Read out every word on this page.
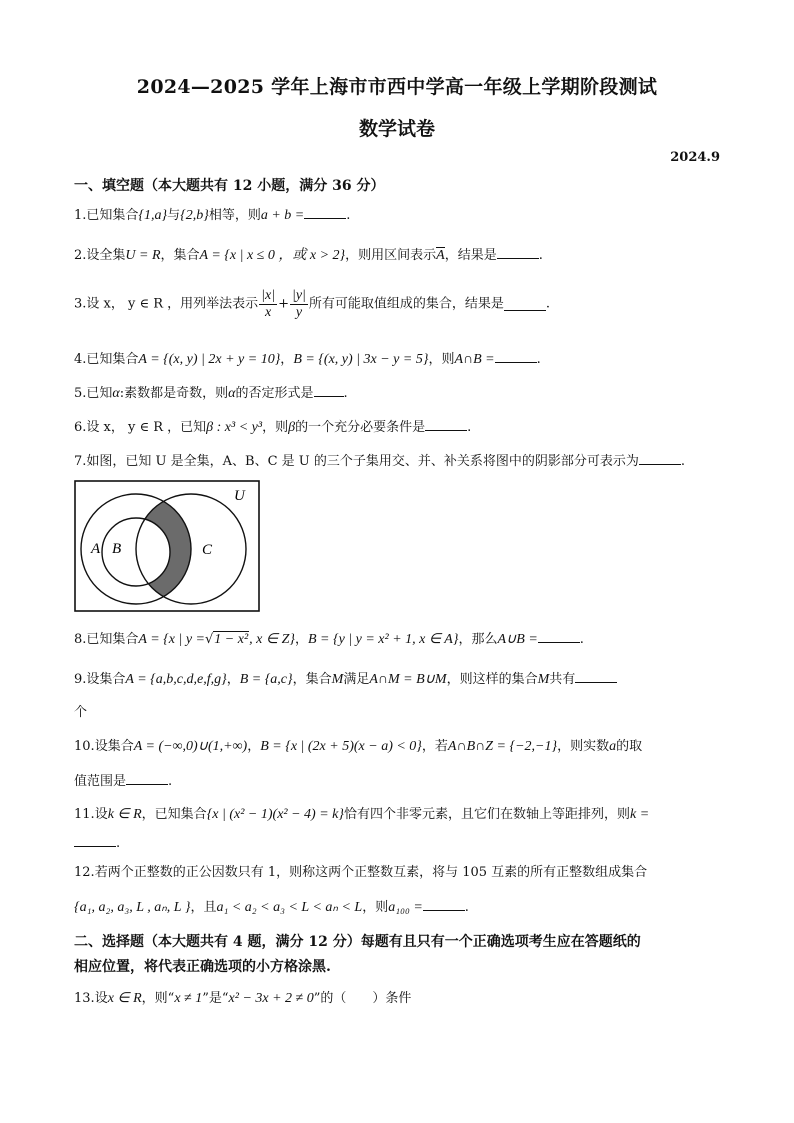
2024—2025 学年上海市市西中学高一年级上学期阶段测试
数学试卷
2024.9
一、填空题（本大题共有 12 小题，满分 36 分）
1.已知集合{1,a}与{2,b}相等，则a + b =	.
2.设全集U = R，集合A = {x | x ≤ 0 ，或 x > 2}，则用区间表示A，结果是	.
3.设 x， y ∈ R ，用列举法表示 $\frac{|x|}{x} + \frac{|y|}{y}$ 所有可能取值组成的集合，结果是	.
4.已知集合A = {(x, y) | 2x + y = 10}，B = {(x, y) | 3x − y = 5}，则A∩B =	.
5.已知α:素数都是奇数，则α的否定形式是 .
6.设 x， y ∈ R ，已知β : x³ < y³，则β的一个充分必要条件是	.
7.如图，已知 U 是全集，A、B、C 是 U 的三个子集用交、并、补关系将图中的阴影部分可表示为	.
U
A B	C
8.已知集合A = {x | y =√1 − x², x ∈ Z}，B = {y | y = x² + 1, x ∈ A}，那么A∪B =	.
9.设集合A = {a,b,c,d,e,f,g}，B = {a,c}，集合M满足A∩M = B∪M，则这样的集合M共有
个
10.设集合A = (−∞,0)∪(1,+∞)，B = {x | (2x + 5)(x − a) < 0}，若A∩B∩Z = {−2,−1}，则实数a的取
值范围是	.
11.设k ∈ R，已知集合{x | (x² − 1)(x² − 4) = k}恰有四个非零元素，且它们在数轴上等距排列，则k =
.
12.若两个正整数的正公因数只有 1，则称这两个正整数互素，将与 105 互素的所有正整数组成集合
{a₁, a₂, a₃, L , aₙ, L }，且a₁ < a₂ < a₃ < L < aₙ < L，则a₁₀₀ =	.
二、选择题（本大题共有 4 题，满分 12 分）每题有且只有一个正确选项考生应在答题纸的
相应位置，将代表正确选项的小方格涂黑.
13.设x ∈ R，则“x ≠ 1”是“x² − 3x + 2 ≠ 0”的（　　）条件
